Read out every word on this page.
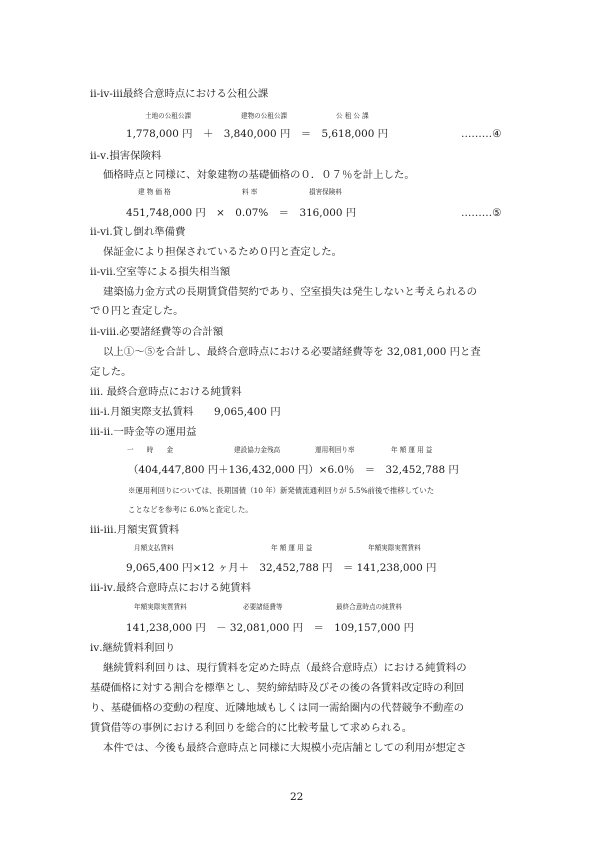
ⅱ-ⅳ-ⅲ最終合意時点における公租公課
土地の公租公課	建物の公租公課	公 租 公 課
1,778,000 円　＋　3,840,000 円　＝　5,618,000 円	………④
ⅱ-ⅴ.損害保険料
価格時点と同様に、対象建物の基礎価格の０．０７％を計上した。
建 物 価 格	料 率	損害保険料
451,748,000 円　×　0.07%　＝　316,000 円	………⑤
ⅱ-ⅵ.貸し倒れ準備費
保証金により担保されているため０円と査定した。
ⅱ-ⅶ.空室等による損失相当額
建築協力金方式の長期賃貸借契約であり、空室損失は発生しないと考えられるの
で０円と査定した。
ⅱ-ⅷ.必要諸経費等の合計額
以上①～⑤を合計し、最終合意時点における必要諸経費等を 32,081,000 円と査
定した。
ⅲ. 最終合意時点における純賃料
ⅲ-ⅰ.月額実際支払賃料　　9,065,400 円
ⅲ-ⅱ.一時金等の運用益
一　　時　　金	建設協力金残高	運用利回り率	年 額 運 用 益
（404,447,800 円＋136,432,000 円）×6.0％　＝　32,452,788 円
※運用利回りについては、長期国債（10 年）新発債流通利回りが 5.5%前後で推移していた
ことなどを参考に 6.0%と査定した。
ⅲ-ⅲ.月額実質賃料
月額支払賃料	年 額 運 用 益	年額実際実質賃料
9,065,400 円×12 ヶ月＋　32,452,788 円　＝ 141,238,000 円
ⅲ-ⅳ.最終合意時点における純賃料
年額実際実質賃料	必要諸経費等	最終合意時点の純賃料
141,238,000 円　－ 32,081,000 円　＝　109,157,000 円
ⅳ.継続賃料利回り
継続賃料利回りは、現行賃料を定めた時点（最終合意時点）における純賃料の
基礎価格に対する割合を標準とし、契約締結時及びその後の各賃料改定時の利回
り、基礎価格の変動の程度、近隣地域もしくは同一需給圏内の代替競争不動産の
賃貸借等の事例における利回りを総合的に比較考量して求められる。
本件では、今後も最終合意時点と同様に大規模小売店舗としての利用が想定さ
22
